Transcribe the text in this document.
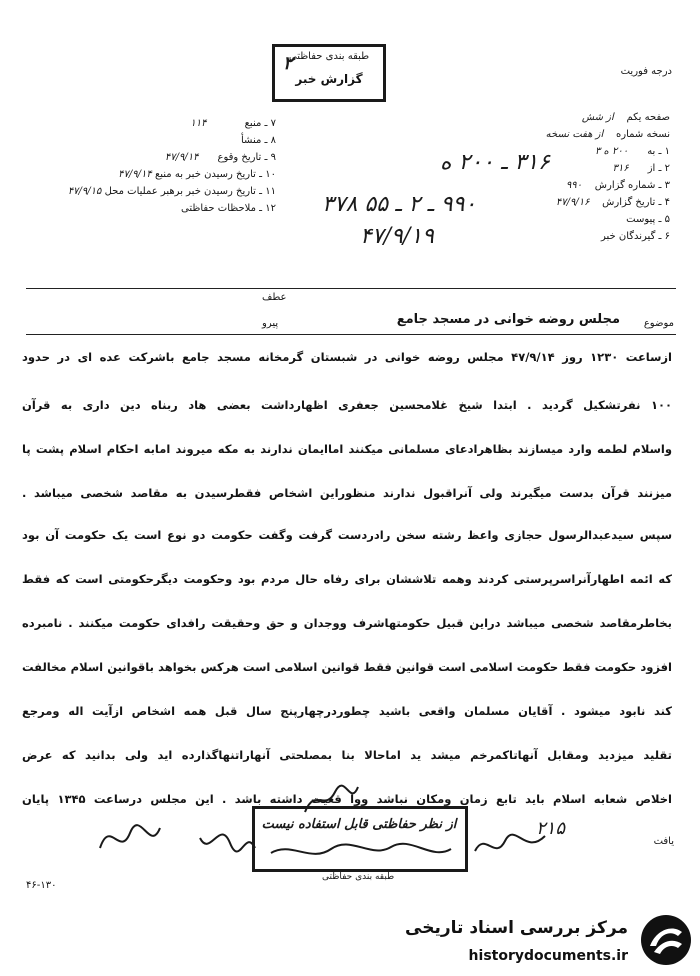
درجه فوریت
طبقه بندی حفاظتی
گزارش خبر
۲
صفحه یکم    از شش
نسخه شماره    از هفت نسخه
۱ ـ به      ۲۰۰ ه ۳
۲ ـ از      ۳۱۶
۳ ـ شماره گزارش    ۹۹۰
۴ ـ تاریخ گزارش    ۴۷/۹/۱۶
۵ ـ پیوست
۶ ـ گیرندگان خبر
۷ ـ منبع            ۱۱۴
۸ ـ منشأ
۹ ـ تاریخ وقوع      ۴۷/۹/۱۴
۱۰ ـ تاریخ رسیدن خبر به منبع ۴۷/۹/۱۴
۱۱ ـ تاریخ رسیدن خبر برهبر عملیات محل ۴۷/۹/۱۵
۱۲ ـ ملاحظات حفاظتی
۳۱۶ ـ ۲۰۰ ه
۹۹۰ ـ ۲ ـ ۵۵ ۳۷۸
۴۷/۹/۱۹
عطف
پیرو	موضوع
مجلس روضه خوانی در مسجد جامع
ازساعت ۱۲۳۰ روز ۴۷/۹/۱۴ مجلس روضه خوانی در شبستان گرمخانه مسجد جامع باشرکت عده ای در حدود
۱۰۰ نفرتشکیل گردید . ابتدا شیخ غلامحسین جعفری اظهارداشت بعضی هاد ربناه دین داری به قرآن
واسلام لطمه وارد میسازند بظاهرادعای مسلمانی میکنند اماایمان ندارند به مکه میروند امابه احکام اسلام پشت پا
میزنند قرآن بدست میگیرند ولی آنراقبول ندارند منظوراین اشخاص فقطرسیدن به مقاصد شخصی میباشد .
سپس سیدعبدالرسول حجازی واعظ رشته سخن رادردست گرفت وگفت حکومت دو نوع است یک حکومت آن بود
که ائمه اطهارآنراسرپرستی کردند وهمه تلاششان برای رفاه حال مردم بود وحکومت دیگرحکومتی است که فقط
بخاطرمقاصد شخصی میباشد دراین قبیل حکومتهاشرف ووجدان و حق وحقیقت رافدای حکومت میکنند . نامبرده
افزود حکومت فقط حکومت اسلامی است قوانین فقط قوانین اسلامی است هرکس بخواهد باقوانین اسلام مخالفت
کند نابود میشود . آقایان مسلمان واقعی باشید چطوردرچهارپنج سال قبل همه اشخاص ازآیت اله ومرجع
تقلید میزدید ومقابل آنهاتاکمرخم میشد ید اماحالا بنا بمصلحتی آنهاراتنهاگذارده اید ولی بدانید که عرض
اخلاص شعابه اسلام باید تابع زمان ومکان نباشد ووا قعیت داشته باشد . این مجلس درساعت ۱۳۴۵ پایان
یافت
۲۱۵
از نظر حفاظتی قابل استفاده نیست
طبقه بندی حفاظتی
۴۶-۱۳۰
مرکز بررسی اسناد تاریخی
historydocuments.ir
